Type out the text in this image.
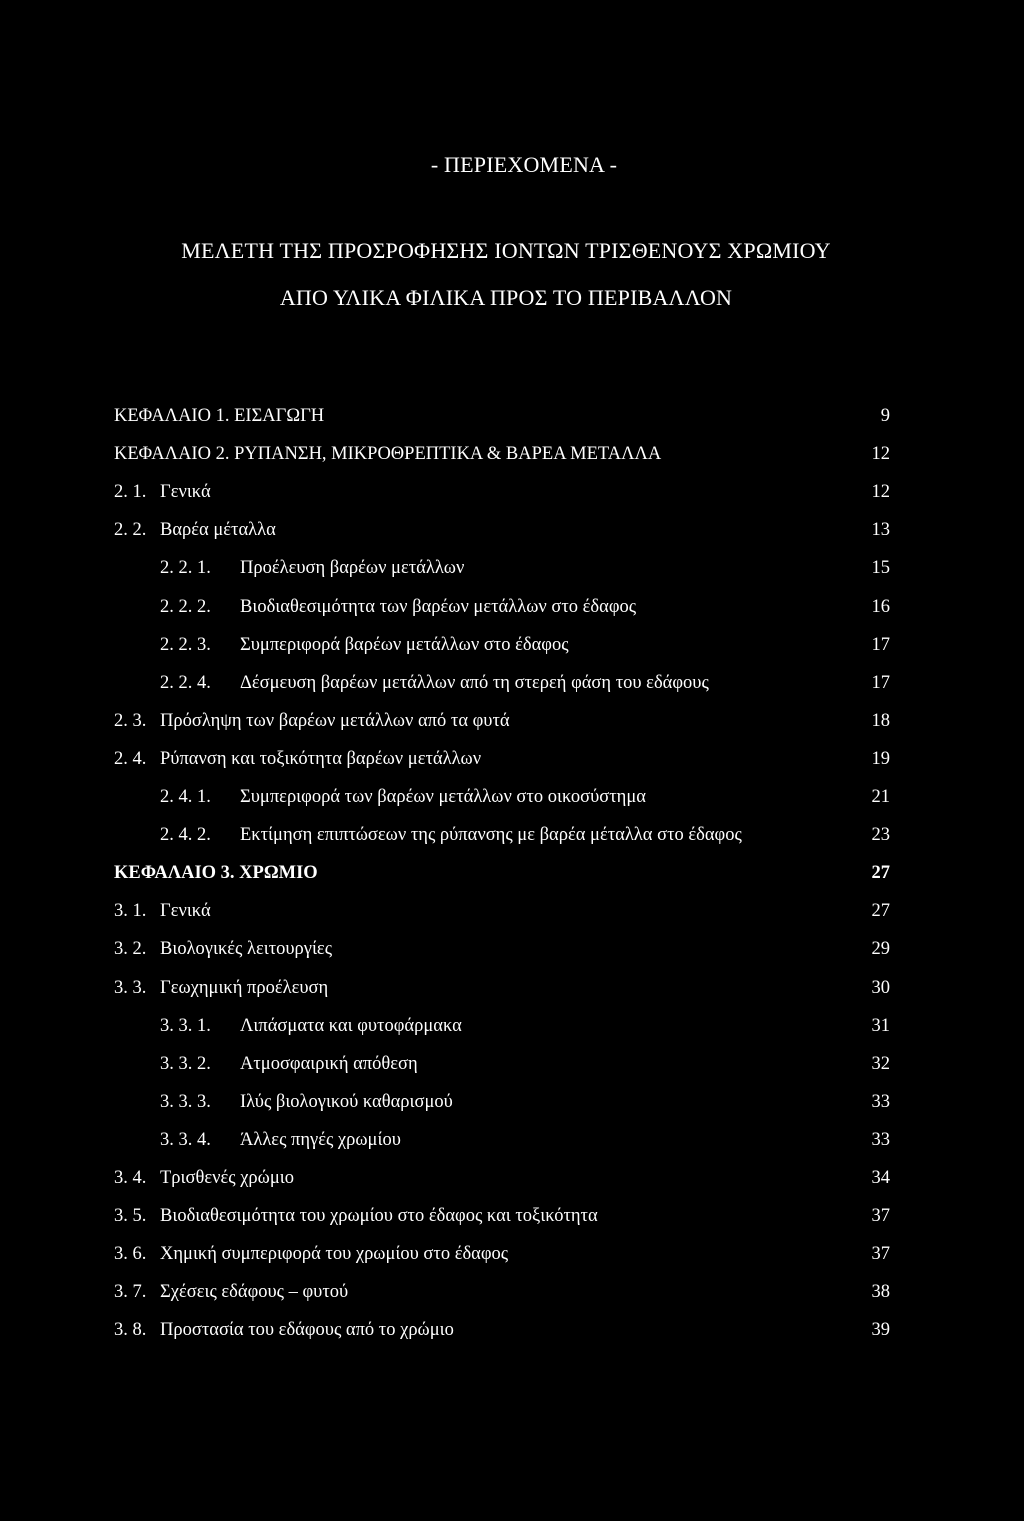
- ΠΕΡΙΕΧΟΜΕΝΑ -
ΜΕΛΕΤΗ ΤΗΣ ΠΡΟΣΡΟΦΗΣΗΣ ΙΟΝΤΩΝ ΤΡΙΣΘΕΝΟΥΣ ΧΡΩΜΙΟΥ
ΑΠΟ ΥΛΙΚΑ ΦΙΛΙΚΑ ΠΡΟΣ ΤΟ ΠΕΡΙΒΑΛΛΟΝ
ΚΕΦΑΛΑΙΟ 1. ΕΙΣΑΓΩΓΗ	9
ΚΕΦΑΛΑΙΟ 2. ΡΥΠΑΝΣΗ, ΜΙΚΡΟΘΡΕΠΤΙΚΑ & ΒΑΡΕΑ ΜΕΤΑΛΛΑ	12
2. 1. Γενικά	12
2. 2. Βαρέα μέταλλα	13
2. 2. 1. Προέλευση βαρέων μετάλλων	15
2. 2. 2. Βιοδιαθεσιμότητα των βαρέων μετάλλων στο έδαφος	16
2. 2. 3. Συμπεριφορά βαρέων μετάλλων στο έδαφος	17
2. 2. 4. Δέσμευση βαρέων μετάλλων από τη στερεή φάση του εδάφους	17
2. 3. Πρόσληψη των βαρέων μετάλλων από τα φυτά	18
2. 4. Ρύπανση και τοξικότητα βαρέων μετάλλων	19
2. 4. 1. Συμπεριφορά των βαρέων μετάλλων στο οικοσύστημα	21
2. 4. 2. Εκτίμηση επιπτώσεων της ρύπανσης με βαρέα μέταλλα στο έδαφος	23
ΚΕΦΑΛΑΙΟ 3. ΧΡΩΜΙΟ	27
3. 1. Γενικά	27
3. 2. Βιολογικές λειτουργίες	29
3. 3. Γεωχημική προέλευση	30
3. 3. 1. Λιπάσματα και φυτοφάρμακα	31
3. 3. 2. Ατμοσφαιρική απόθεση	32
3. 3. 3. Ιλύς βιολογικού καθαρισμού	33
3. 3. 4. Άλλες πηγές χρωμίου	33
3. 4. Τρισθενές χρώμιο	34
3. 5. Βιοδιαθεσιμότητα του χρωμίου στο έδαφος και τοξικότητα	37
3. 6. Χημική συμπεριφορά του χρωμίου στο έδαφος	37
3. 7. Σχέσεις εδάφους – φυτού	38
3. 8. Προστασία του εδάφους από το χρώμιο	39
